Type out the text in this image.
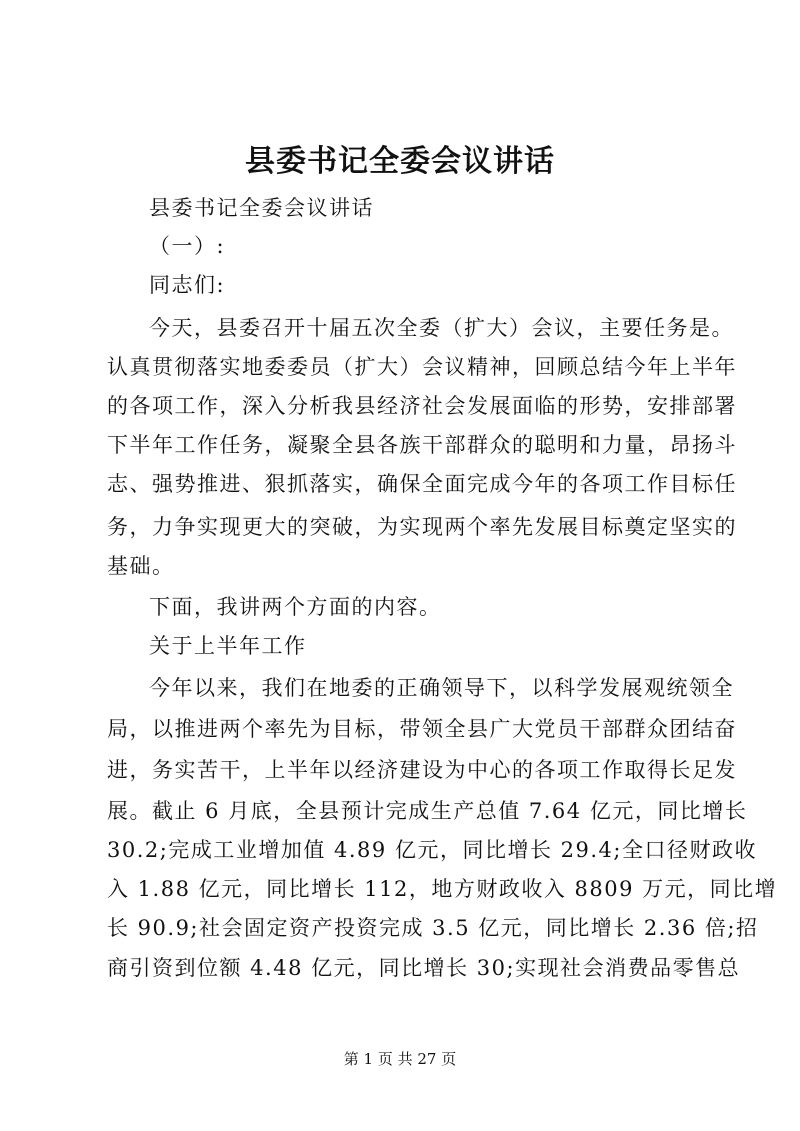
县委书记全委会议讲话
县委书记全委会议讲话
（一）:
同志们:
今天，县委召开十届五次全委（扩大）会议，主要任务是。
认真贯彻落实地委委员（扩大）会议精神，回顾总结今年上半年
的各项工作，深入分析我县经济社会发展面临的形势，安排部署
下半年工作任务，凝聚全县各族干部群众的聪明和力量，昂扬斗
志、强势推进、狠抓落实，确保全面完成今年的各项工作目标任
务，力争实现更大的突破，为实现两个率先发展目标奠定坚实的
基础。
下面，我讲两个方面的内容。
关于上半年工作
今年以来，我们在地委的正确领导下，以科学发展观统领全
局，以推进两个率先为目标，带领全县广大党员干部群众团结奋
进，务实苦干，上半年以经济建设为中心的各项工作取得长足发
展。截止 6 月底，全县预计完成生产总值 7.64 亿元，同比增长
30.2;完成工业增加值 4.89 亿元，同比增长 29.4;全口径财政收
入 1.88 亿元，同比增长 112，地方财政收入 8809 万元，同比增
长 90.9;社会固定资产投资完成 3.5 亿元，同比增长 2.36 倍;招
商引资到位额 4.48 亿元，同比增长 30;实现社会消费品零售总
第 1 页 共 27 页
